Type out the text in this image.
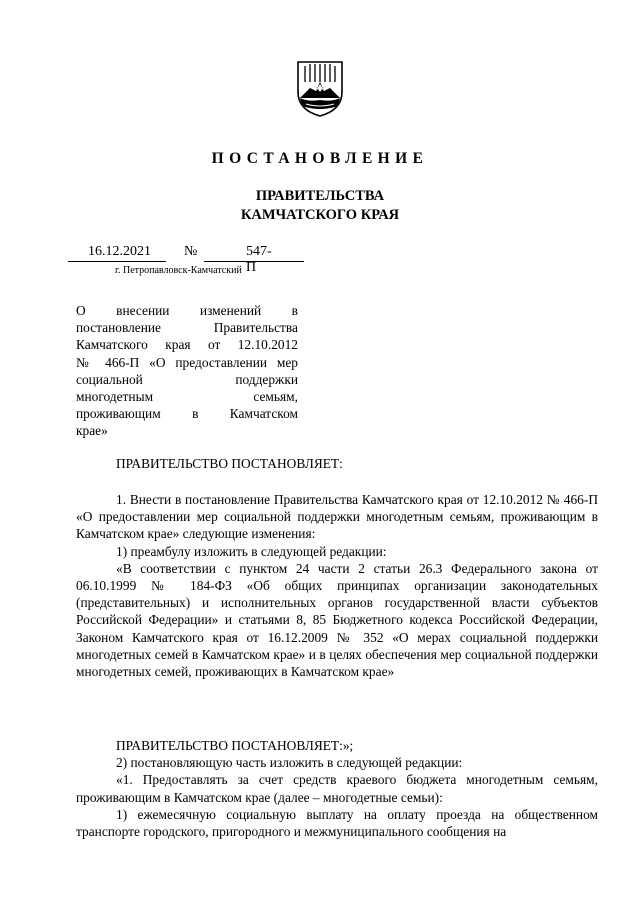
ПОСТАНОВЛЕНИЕ
ПРАВИТЕЛЬСТВА
КАМЧАТСКОГО КРАЯ
16.12.2021 №	547-П
г. Петропавловск-Камчатский
О внесении изменений в
постановление Правительства
Камчатского края от 12.10.2012
№ 466-П «О предоставлении мер
социальной поддержки
многодетным семьям,
проживающим в Камчатском
крае»

ПРАВИТЕЛЬСТВО ПОСТАНОВЛЯЕТ:

1. Внести в постановление Правительства Камчатского края от 12.10.2012 № 466-П «О предоставлении мер социальной поддержки многодетным семьям, проживающим в Камчатском крае» следующие изменения:

1) преамбулу изложить в следующей редакции:

«В соответствии с пунктом 24 части 2 статьи 26.3 Федерального закона от 06.10.1999 № 184-ФЗ «Об общих принципах организации законодательных (представительных) и исполнительных органов государственной власти субъектов Российской Федерации» и статьями 8, 85 Бюджетного кодекса Российской Федерации, Законом Камчатского края от 16.12.2009 № 352 «О мерах социальной поддержки многодетных семей в Камчатском крае» и в целях обеспечения мер социальной поддержки многодетных семей, проживающих в Камчатском крае»

ПРАВИТЕЛЬСТВО ПОСТАНОВЛЯЕТ:»;

2) постановляющую часть изложить в следующей редакции:

«1. Предоставлять за счет средств краевого бюджета многодетным семьям, проживающим в Камчатском крае (далее – многодетные семьи):

1) ежемесячную социальную выплату на оплату проезда на общественном транспорте городского, пригородного и межмуниципального сообщения на
